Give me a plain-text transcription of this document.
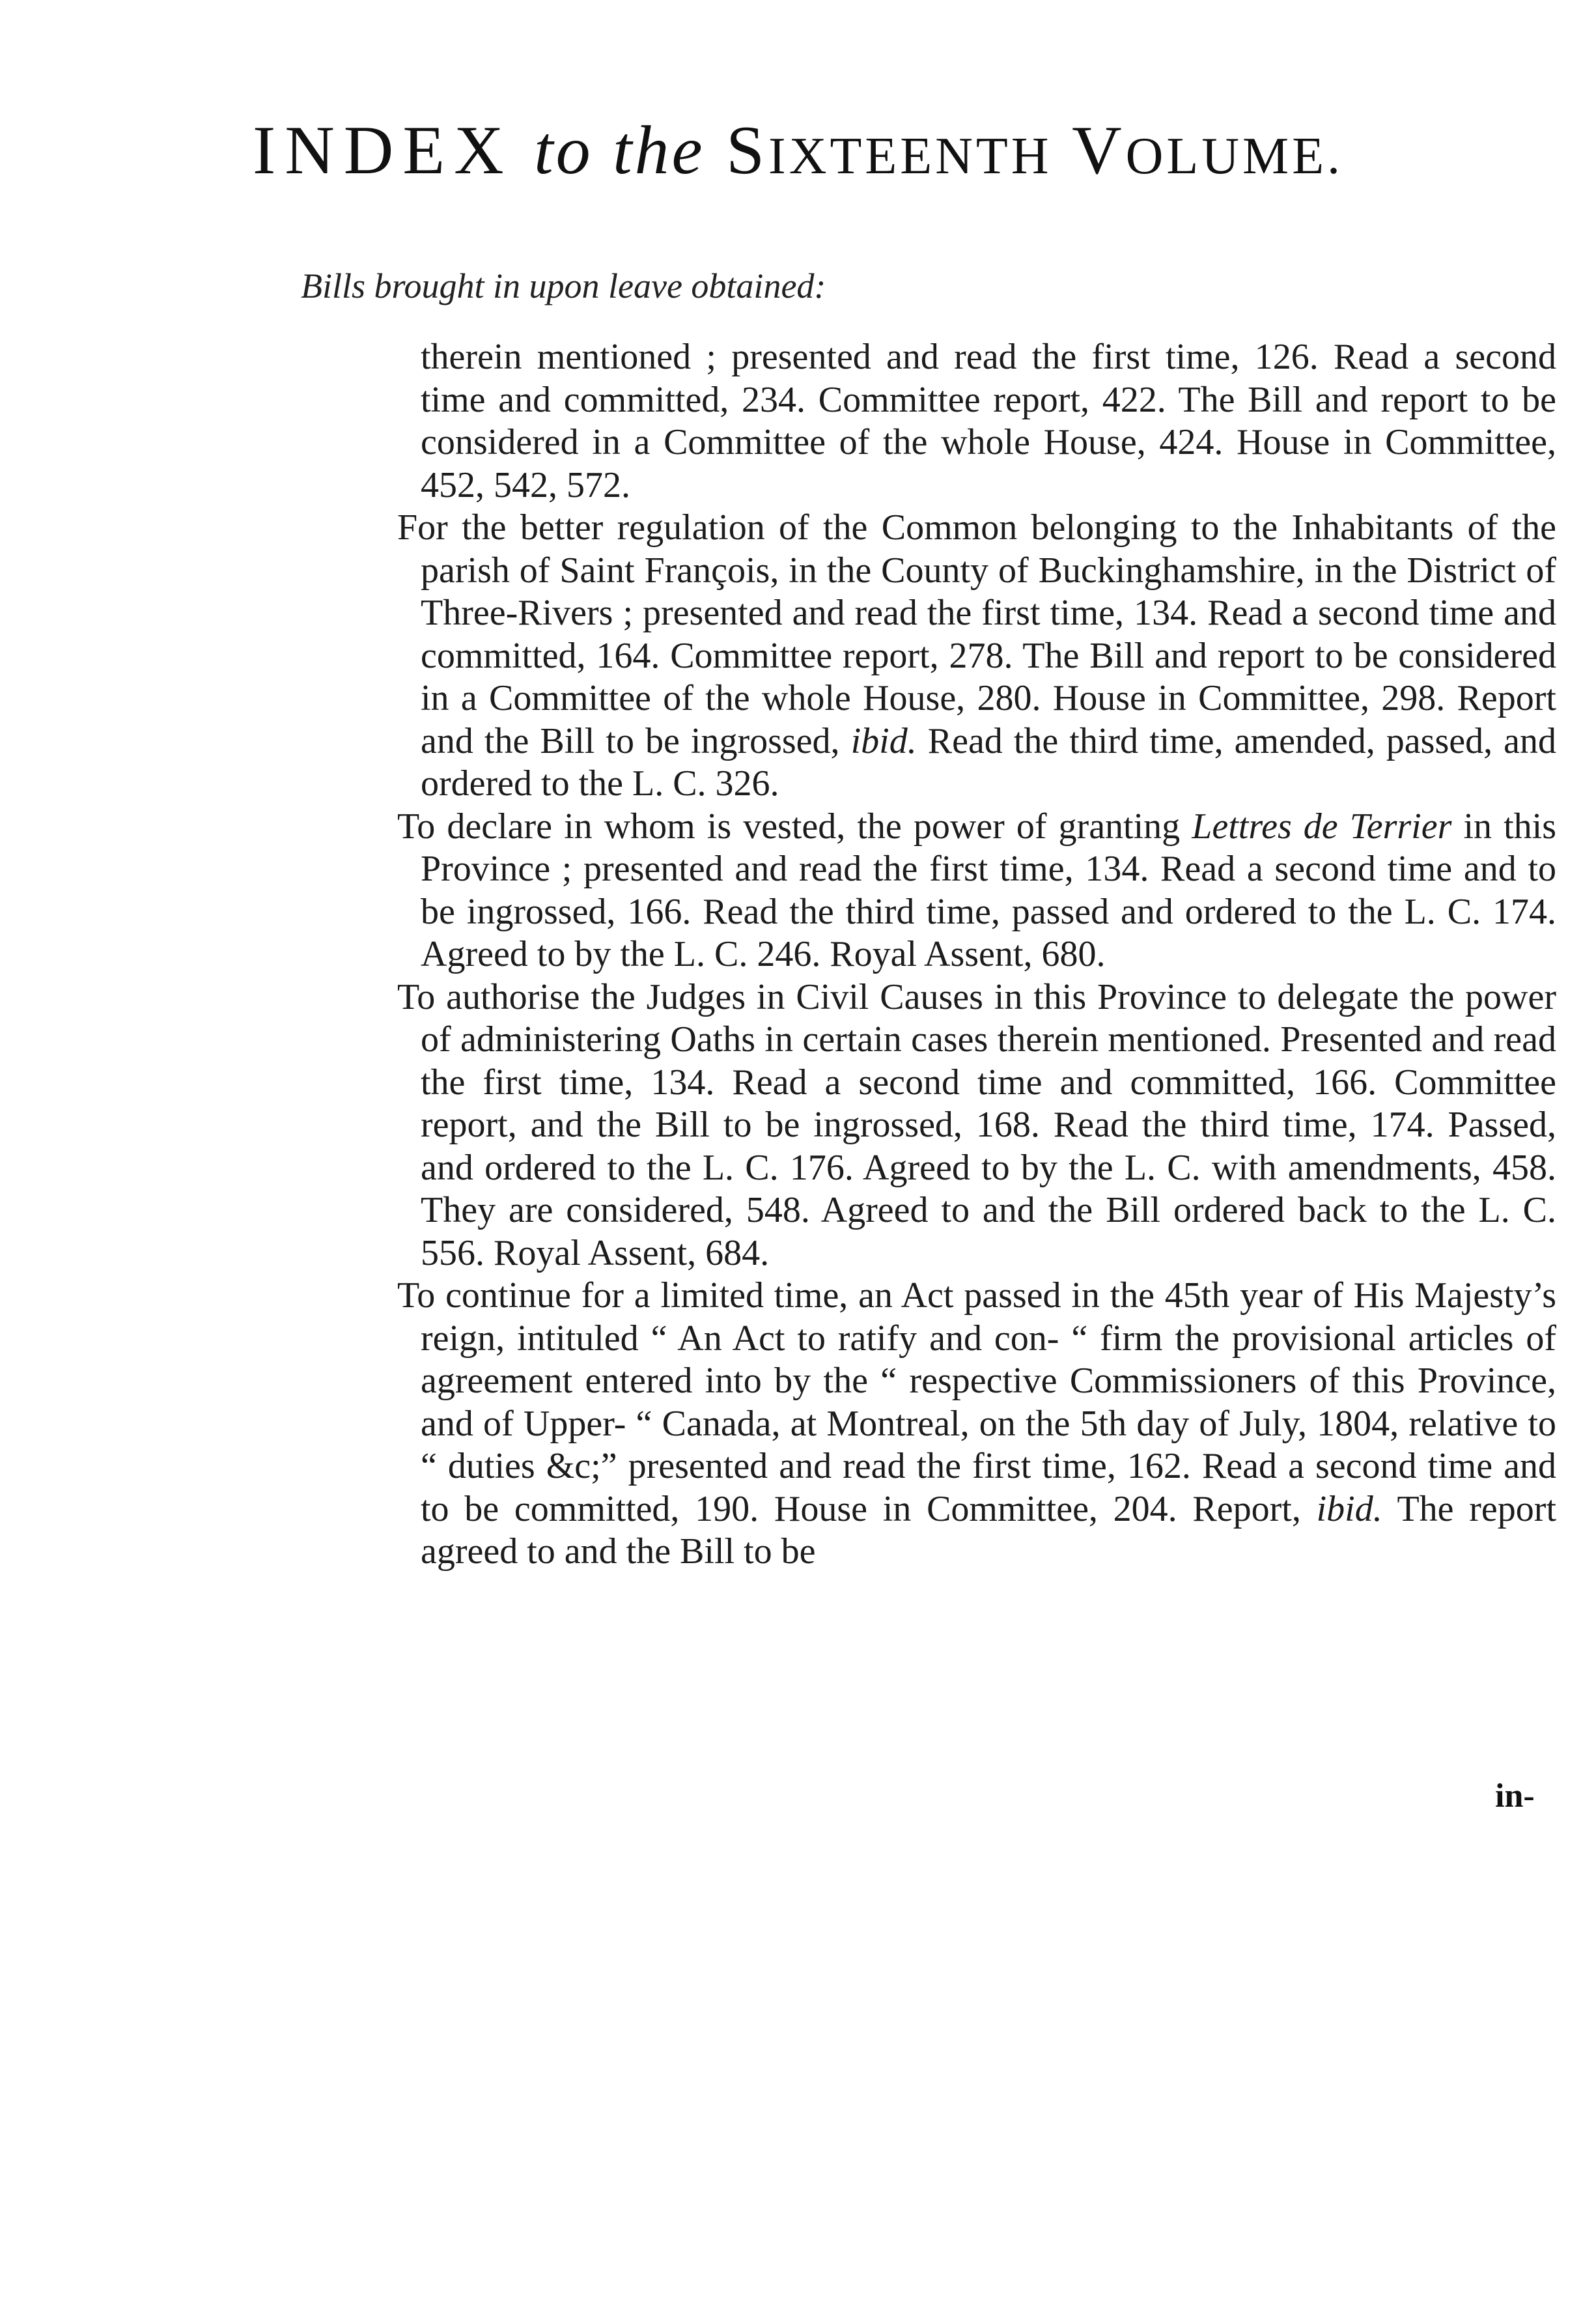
INDEX to the SIXTEENTH VOLUME.
Bills brought in upon leave obtained:

therein mentioned ; presented and read the first time, 126. Read a second time and committed, 234. Committee report, 422. The Bill and report to be considered in a Committee of the whole House, 424. House in Committee, 452, 542, 572.

For the better regulation of the Common belonging to the Inhabitants of the parish of Saint François, in the County of Buckinghamshire, in the District of Three-Rivers ; presented and read the first time, 134. Read a second time and committed, 164. Committee report, 278. The Bill and report to be considered in a Committee of the whole House, 280. House in Committee, 298. Report and the Bill to be ingrossed, ibid. Read the third time, amended, passed, and ordered to the L. C. 326.

To declare in whom is vested, the power of granting Lettres de Terrier in this Province ; presented and read the first time, 134. Read a second time and to be ingrossed, 166. Read the third time, passed and ordered to the L. C. 174. Agreed to by the L. C. 246. Royal Assent, 680.

To authorise the Judges in Civil Causes in this Province to delegate the power of administering Oaths in certain cases therein mentioned. Presented and read the first time, 134. Read a second time and committed, 166. Committee report, and the Bill to be ingrossed, 168. Read the third time, 174. Passed, and ordered to the L. C. 176. Agreed to by the L. C. with amendments, 458. They are considered, 548. Agreed to and the Bill ordered back to the L. C. 556. Royal Assent, 684.

To continue for a limited time, an Act passed in the 45th year of His Majesty’s reign, intituled “ An Act to ratify and con- “ firm the provisional articles of agreement entered into by the “ respective Commissioners of this Province, and of Upper- “ Canada, at Montreal, on the 5th day of July, 1804, relative to “ duties &c;” presented and read the first time, 162. Read a second time and to be committed, 190. House in Committee, 204. Report, ibid. The report agreed to and the Bill to be

in-
